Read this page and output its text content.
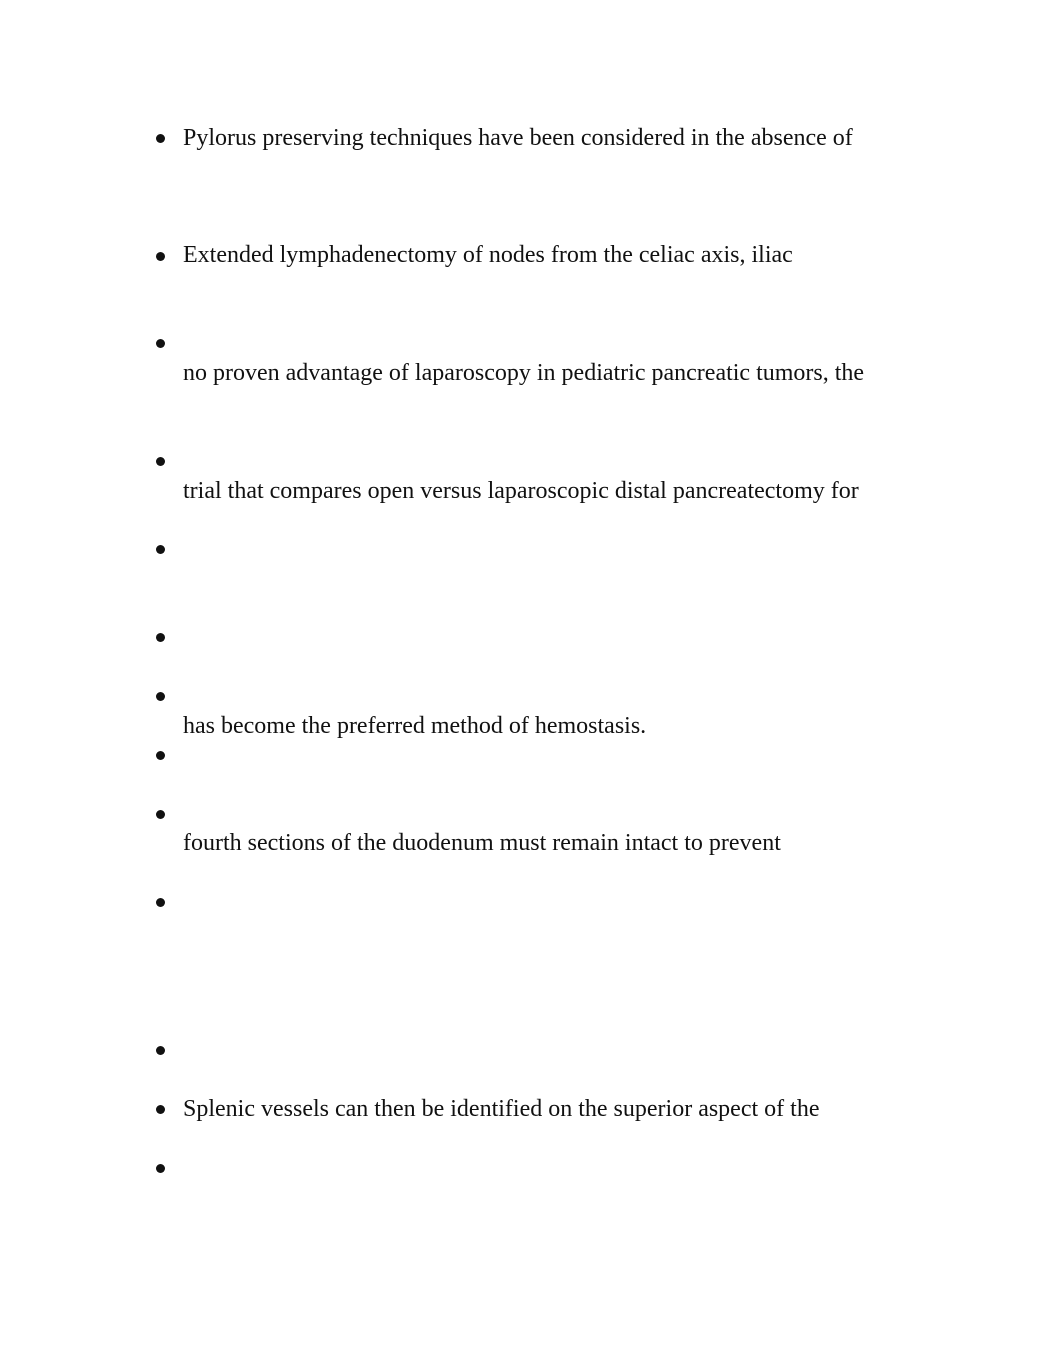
Pylorus preserving techniques have been considered in the absence of
Extended lymphadenectomy of nodes from the celiac axis, iliac
no proven advantage of laparoscopy in pediatric pancreatic tumors, the
trial that compares open versus laparoscopic distal pancreatectomy for
has become the preferred method of hemostasis.
fourth sections of the duodenum must remain intact to prevent
Splenic vessels can then be identified on the superior aspect of the
